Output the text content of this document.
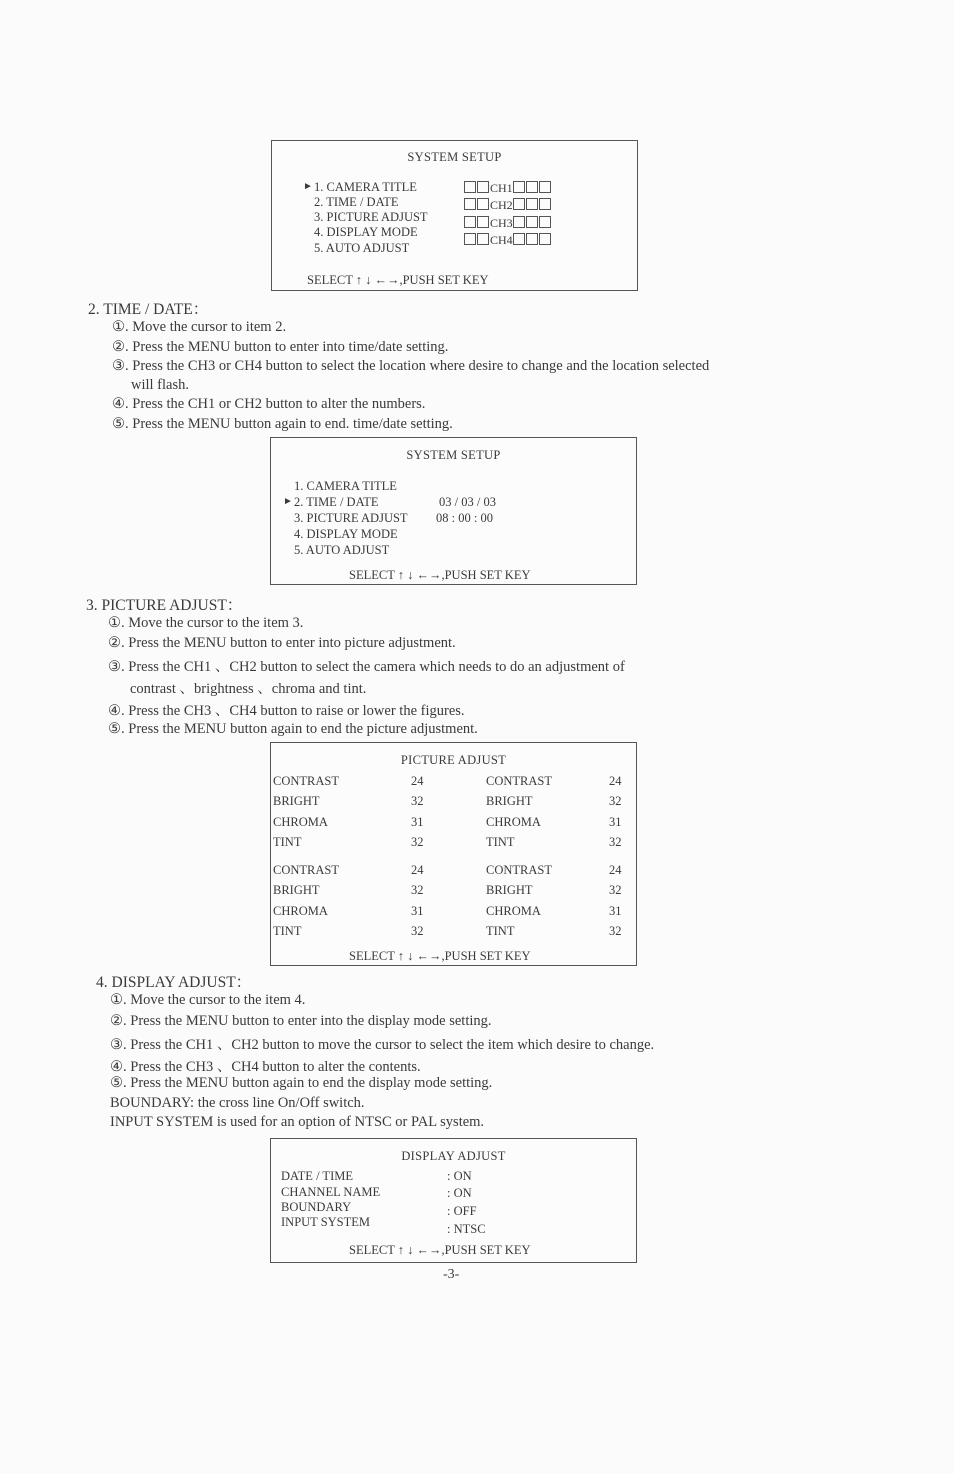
SYSTEM SETUP
► 1. CAMERA TITLE
2. TIME / DATE
3. PICTURE ADJUST
4. DISPLAY MODE
5. AUTO ADJUST
CH1
CH2
CH3
CH4
SELECT ↑ ↓ ←→,PUSH SET KEY
2. TIME / DATE：
①. Move the cursor to item 2.
②. Press the MENU button to enter into time/date setting.
③. Press the CH3 or CH4 button to select the location where desire to change and the location selected
will flash.
④. Press the CH1 or CH2 button to alter the numbers.
⑤. Press the MENU button again to end. time/date setting.
SYSTEM SETUP
1. CAMERA TITLE
► 2. TIME / DATE
3. PICTURE ADJUST
4. DISPLAY MODE
5. AUTO ADJUST
03 / 03 / 03
08 : 00 : 00
SELECT ↑ ↓ ←→,PUSH SET KEY
3. PICTURE ADJUST：
①. Move the cursor to the item 3.
②. Press the MENU button to enter into picture adjustment.
③. Press the CH1 、CH2 button to select the camera which needs to do an adjustment of
contrast 、brightness 、chroma and tint.
④. Press the CH3 、CH4 button to raise or lower the figures.
⑤. Press the MENU button again to end the picture adjustment.
PICTURE ADJUST
CONTRAST
BRIGHT
CHROMA
TINT
24
32
31
32
CONTRAST
BRIGHT
CHROMA
TINT
24
32
31
32
CONTRAST
BRIGHT
CHROMA
TINT
24
32
31
32
CONTRAST
BRIGHT
CHROMA
TINT
24
32
31
32
SELECT ↑ ↓ ←→,PUSH SET KEY
4. DISPLAY ADJUST：
①. Move the cursor to the item 4.
②. Press the MENU button to enter into the display mode setting.
③. Press the CH1 、CH2 button to move the cursor to select the item which desire to change.
④. Press the CH3 、CH4 button to alter the contents.
⑤. Press the MENU button again to end the display mode setting.
BOUNDARY: the cross line On/Off switch.
INPUT SYSTEM is used for an option of NTSC or PAL system.
DISPLAY ADJUST
DATE / TIME
CHANNEL NAME
BOUNDARY
INPUT SYSTEM
: ON
: ON
: OFF
: NTSC
SELECT ↑ ↓ ←→,PUSH SET KEY
-3-
